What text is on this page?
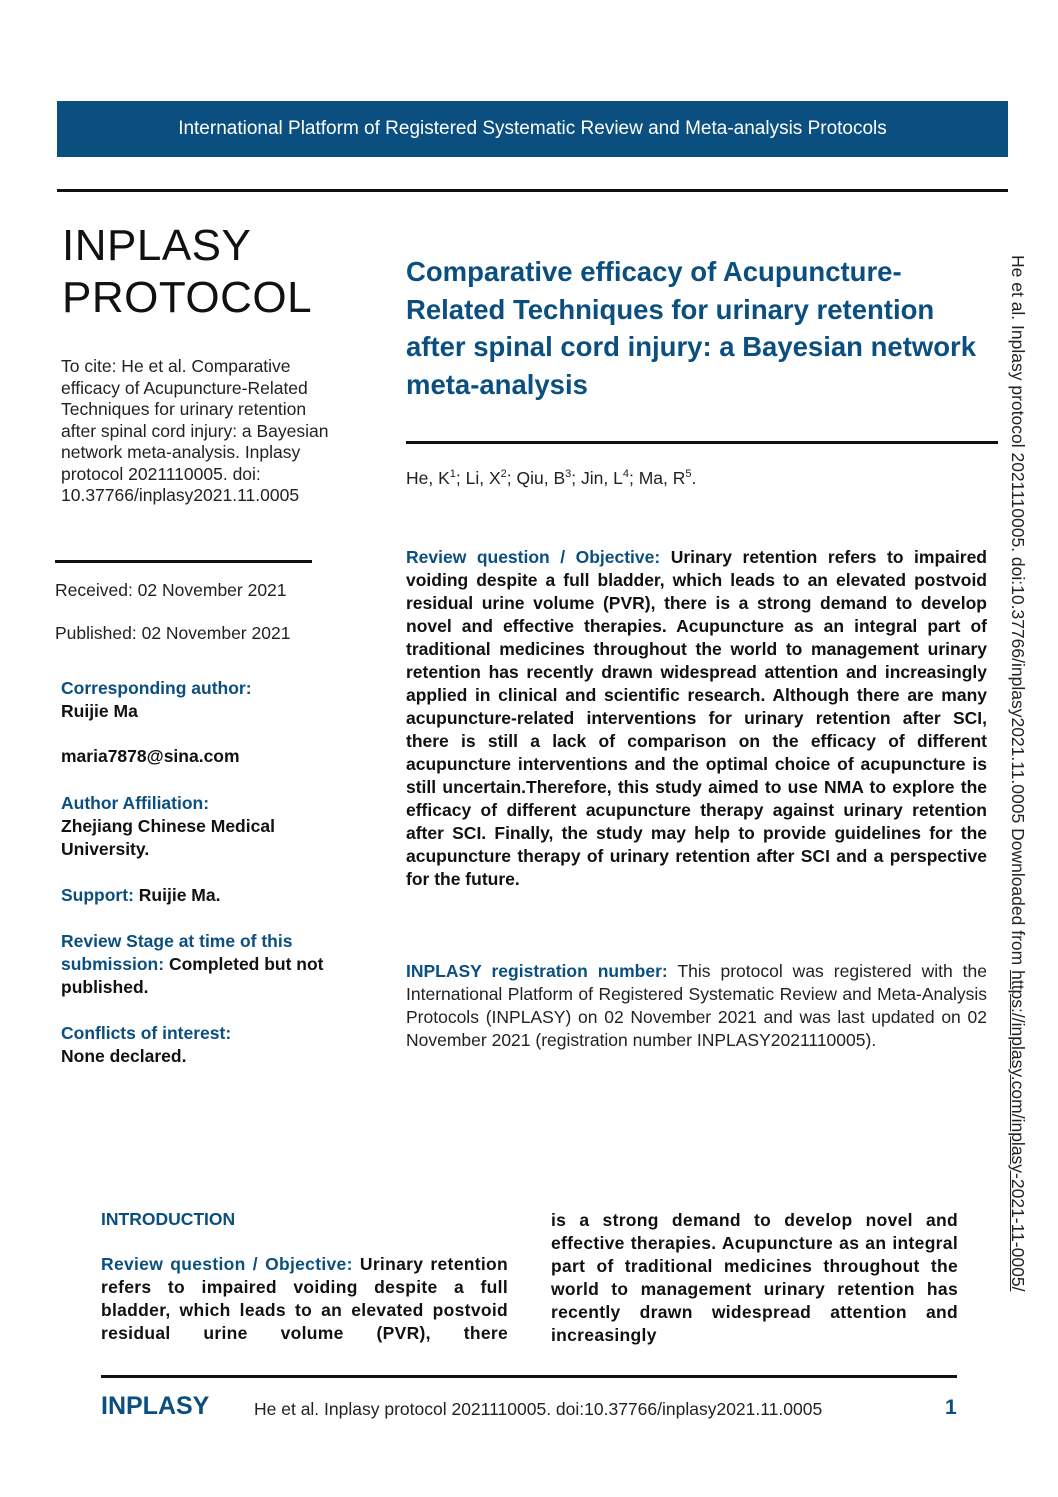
International Platform of Registered Systematic Review and Meta-analysis Protocols
INPLASY
PROTOCOL
To cite: He et al. Comparative efficacy of Acupuncture-Related Techniques for urinary retention after spinal cord injury: a Bayesian network meta-analysis. Inplasy protocol 2021110005. doi: 10.37766/inplasy2021.11.0005
Received: 02 November 2021
Published: 02 November 2021
Corresponding author:
Ruijie Ma
maria7878@sina.com
Author Affiliation:
Zhejiang Chinese Medical University.
Support: Ruijie Ma.
Review Stage at time of this submission: Completed but not published.
Conflicts of interest:
None declared.
Comparative efficacy of Acupuncture-Related Techniques for urinary retention after spinal cord injury: a Bayesian network meta-analysis
He, $K^1$; Li, $X^2$; Qiu, $B^3$; Jin, $L^4$; Ma, $R^5$.
Review question / Objective: Urinary retention refers to impaired voiding despite a full bladder, which leads to an elevated postvoid residual urine volume (PVR), there is a strong demand to develop novel and effective therapies. Acupuncture as an integral part of traditional medicines throughout the world to management urinary retention has recently drawn widespread attention and increasingly applied in clinical and scientific research. Although there are many acupuncture-related interventions for urinary retention after SCI, there is still a lack of comparison on the efficacy of different acupuncture interventions and the optimal choice of acupuncture is still uncertain.Therefore, this study aimed to use NMA to explore the efficacy of different acupuncture therapy against urinary retention after SCI. Finally, the study may help to provide guidelines for the acupuncture therapy of urinary retention after SCI and a perspective for the future.
INPLASY registration number: This protocol was registered with the International Platform of Registered Systematic Review and Meta-Analysis Protocols (INPLASY) on 02 November 2021 and was last updated on 02 November 2021 (registration number INPLASY2021110005).
INTRODUCTION
Review question / Objective: Urinary retention refers to impaired voiding despite a full bladder, which leads to an elevated postvoid residual urine volume (PVR), there
is a strong demand to develop novel and effective therapies. Acupuncture as an integral part of traditional medicines throughout the world to management urinary retention has recently drawn widespread attention and increasingly
INPLASY	He et al. Inplasy protocol 2021110005. doi:10.37766/inplasy2021.11.0005	1
He et al. Inplasy protocol 2021110005. doi:10.37766/inplasy2021.11.0005 Downloaded from https://inplasy.com/inplasy-2021-11-0005/
